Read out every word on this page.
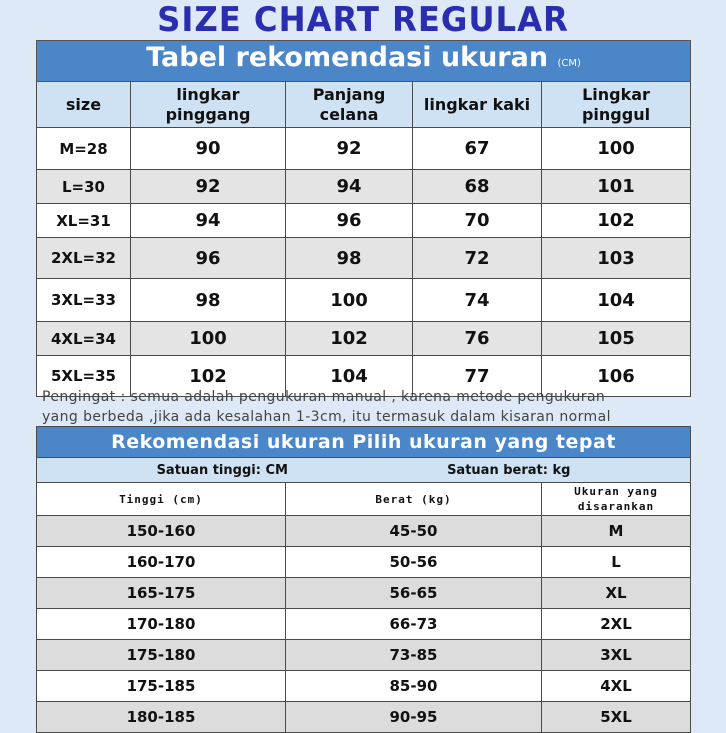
SIZE CHART REGULAR
Tabel rekomendasi ukuran (CM)				
size	lingkar pinggang	Panjang celana	lingkar kaki	Lingkar pinggul
M=28	90	92	67	100
L=30	92	94	68	101
XL=31	94	96	70	102
2XL=32	96	98	72	103
3XL=33	98	100	74	104
4XL=34	100	102	76	105
5XL=35	102	104	77	106
Pengingat : semua adalah pengukuran manual , karena metode pengukuran
yang berbeda ,jika ada kesalahan 1-3cm, itu termasuk dalam kisaran normal
Rekomendasi ukuran Pilih ukuran yang tepat		

Satuan tinggi: CM Satuan berat: kg		

Tinggi (cm)	Berat (kg)	Ukuran yang disarankan
150-160	45-50	M
160-170	50-56	L
165-175	56-65	XL
170-180	66-73	2XL
175-180	73-85	3XL
175-185	85-90	4XL
180-185	90-95	5XL
